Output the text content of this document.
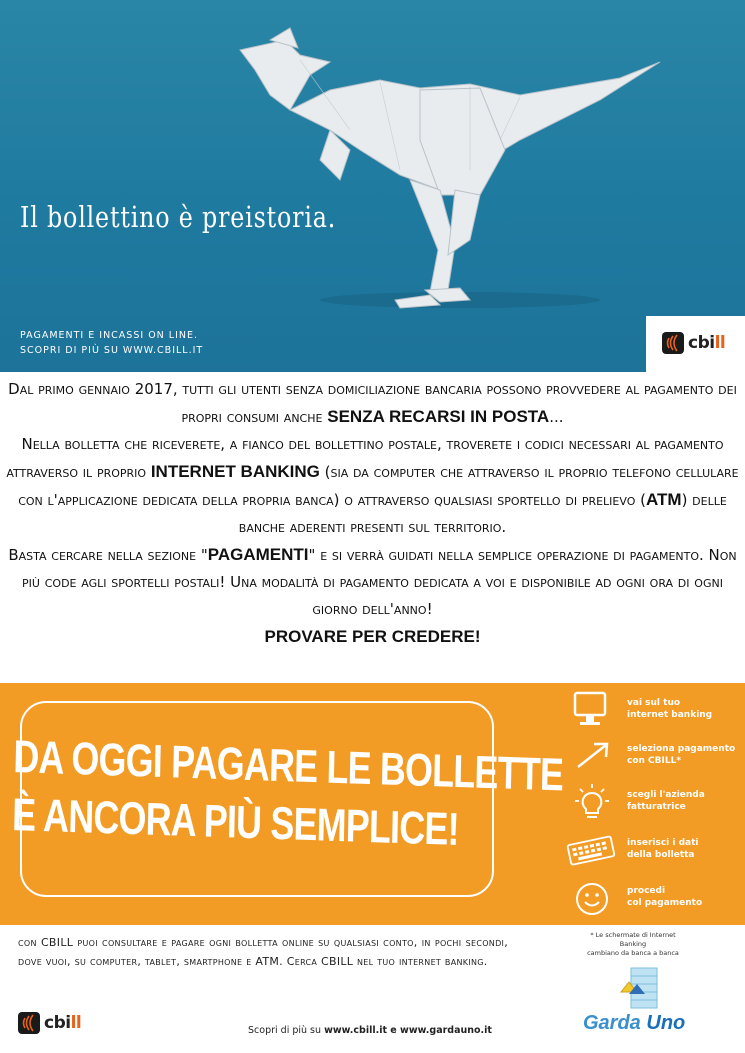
Il bollettino è preistoria.
PAGAMENTI E INCASSI ON LINE.
SCOPRI DI PIÙ SU WWW.CBILL.IT	cbill

Dal primo gennaio 2017, tutti gli utenti senza domiciliazione bancaria possono provvedere al pagamento dei propri consumi anche SENZA RECARSI IN POSTA...

Nella bolletta che riceverete, a fianco del bollettino postale, troverete i codici necessari al pagamento attraverso il proprio INTERNET BANKING (sia da computer che attraverso il proprio telefono cellulare con l'applicazione dedicata della propria banca) o attraverso qualsiasi sportello di prelievo (ATM) delle banche aderenti presenti sul territorio.

Basta cercare nella sezione "PAGAMENTI" e si verrà guidati nella semplice operazione di pagamento. Non più code agli sportelli postali! Una modalità di pagamento dedicata a voi e disponibile ad ogni ora di ogni giorno dell'anno!

PROVARE PER CREDERE!

DA OGGI PAGARE LE BOLLETTE
È ANCORA PIÙ SEMPLICE!
vai sul tuo
internet banking
seleziona pagamento
con CBILL*
scegli l'azienda
fatturatrice
inserisci i dati
della bolletta
procedi
col pagamento
con CBILL puoi consultare e pagare ogni bolletta online su qualsiasi conto, in pochi secondi, dove vuoi, su computer, tablet, smartphone e ATM. Cerca CBILL nel tuo internet banking.
* Le schermate di Internet Banking
cambiano da banca a banca
cbill	Scopri di più su www.cbill.it e www.gardauno.it	Garda Uno
